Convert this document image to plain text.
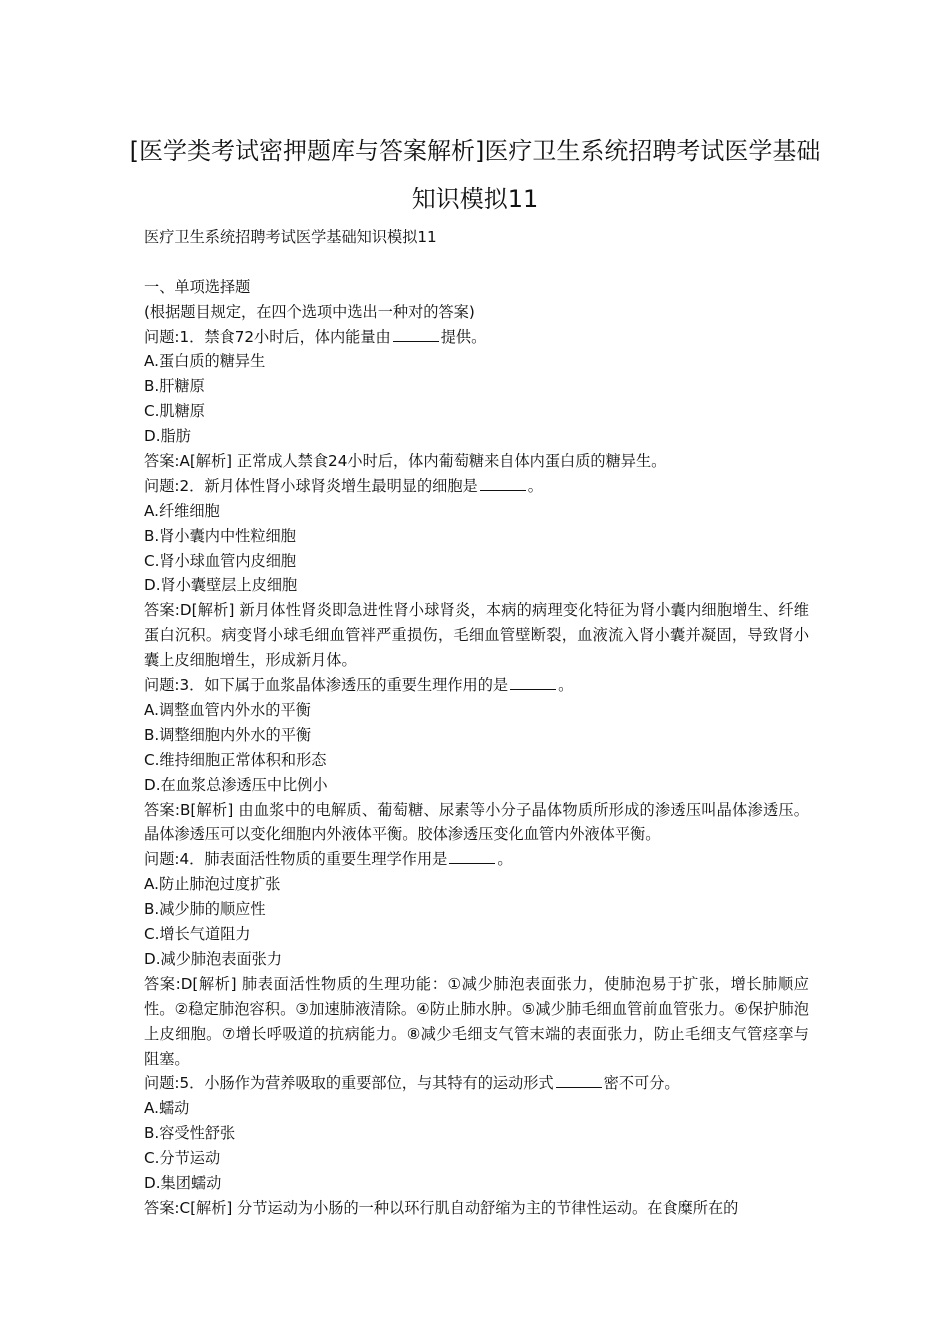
[医学类考试密押题库与答案解析]医疗卫生系统招聘考试医学基础
知识模拟11
医疗卫生系统招聘考试医学基础知识模拟11
一、单项选择题
(根据题目规定，在四个选项中选出一种对的答案)
问题:1．禁食72小时后，体内能量由	提供。
A.蛋白质的糖异生
B.肝糖原
C.肌糖原
D.脂肪
答案:A[解析] 正常成人禁食24小时后，体内葡萄糖来自体内蛋白质的糖异生。
问题:2．新月体性肾小球肾炎增生最明显的细胞是	。
A.纤维细胞
B.肾小囊内中性粒细胞
C.肾小球血管内皮细胞
D.肾小囊壁层上皮细胞
答案:D[解析] 新月体性肾炎即急进性肾小球肾炎，本病的病理变化特征为肾小囊内细胞增生、纤维蛋白沉积。病变肾小球毛细血管袢严重损伤，毛细血管壁断裂，血液流入肾小囊并凝固，导致肾小囊上皮细胞增生，形成新月体。
问题:3．如下属于血浆晶体渗透压的重要生理作用的是	。
A.调整血管内外水的平衡
B.调整细胞内外水的平衡
C.维持细胞正常体积和形态
D.在血浆总渗透压中比例小
答案:B[解析] 由血浆中的电解质、葡萄糖、尿素等小分子晶体物质所形成的渗透压叫晶体渗透压。晶体渗透压可以变化细胞内外液体平衡。胶体渗透压变化血管内外液体平衡。
问题:4．肺表面活性物质的重要生理学作用是	。
A.防止肺泡过度扩张
B.减少肺的顺应性
C.增长气道阻力
D.减少肺泡表面张力
答案:D[解析] 肺表面活性物质的生理功能：①减少肺泡表面张力，使肺泡易于扩张，增长肺顺应性。②稳定肺泡容积。③加速肺液清除。④防止肺水肿。⑤减少肺毛细血管前血管张力。⑥保护肺泡上皮细胞。⑦增长呼吸道的抗病能力。⑧减少毛细支气管末端的表面张力，防止毛细支气管痉挛与阻塞。
问题:5．小肠作为营养吸取的重要部位，与其特有的运动形式	密不可分。
A.蠕动
B.容受性舒张
C.分节运动
D.集团蠕动
答案:C[解析] 分节运动为小肠的一种以环行肌自动舒缩为主的节律性运动。在食糜所在的
